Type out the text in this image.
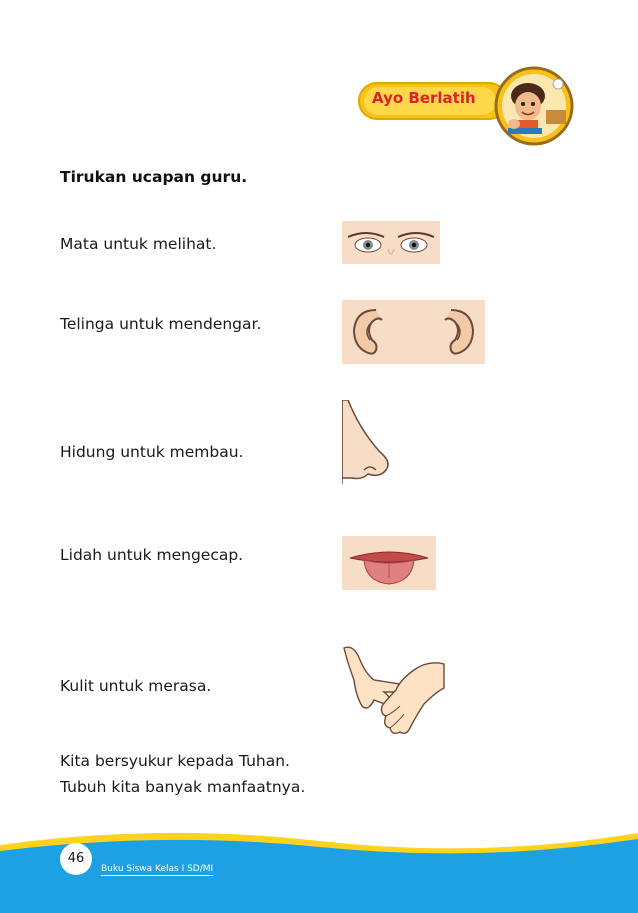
Ayo Berlatih
Tirukan ucapan guru.
Mata untuk melihat.
Telinga untuk mendengar.
Hidung untuk membau.
Lidah untuk mengecap.
Kulit untuk merasa.
Kita bersyukur kepada Tuhan.
Tubuh kita banyak manfaatnya.
46
Buku Siswa Kelas I SD/MI
